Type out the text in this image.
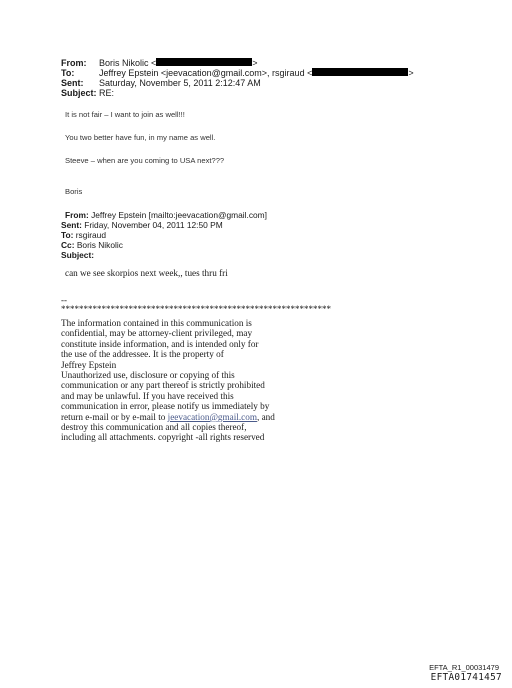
From:	Boris Nikolic <	>
To:	Jeffrey Epstein <jeevacation@gmail.com>, rsgiraud <	>
Sent:	Saturday, November 5, 2011 2:12:47 AM
Subject: RE:

It is not fair – I want to join as well!!!

You two better have fun, in my name as well.

Steeve – when are you coming to USA next???

Boris

From: Jeffrey Epstein [mailto:jeevacation@gmail.com]
Sent: Friday, November 04, 2011 12:50 PM
To: rsgiraud
Cc: Boris Nikolic
Subject:
can we see skorpios next week,, tues thru fri
--
************************************************************
The information contained in this communication is
confidential, may be attorney-client privileged, may
constitute inside information, and is intended only for
the use of the addressee. It is the property of
Jeffrey Epstein
Unauthorized use, disclosure or copying of this
communication or any part thereof is strictly prohibited
and may be unlawful. If you have received this
communication in error, please notify us immediately by
return e-mail or by e-mail to jeevacation@gmail.com, and
destroy this communication and all copies thereof,
including all attachments. copyright -all rights reserved
EFTA_R1_00031479
EFTA01741457
